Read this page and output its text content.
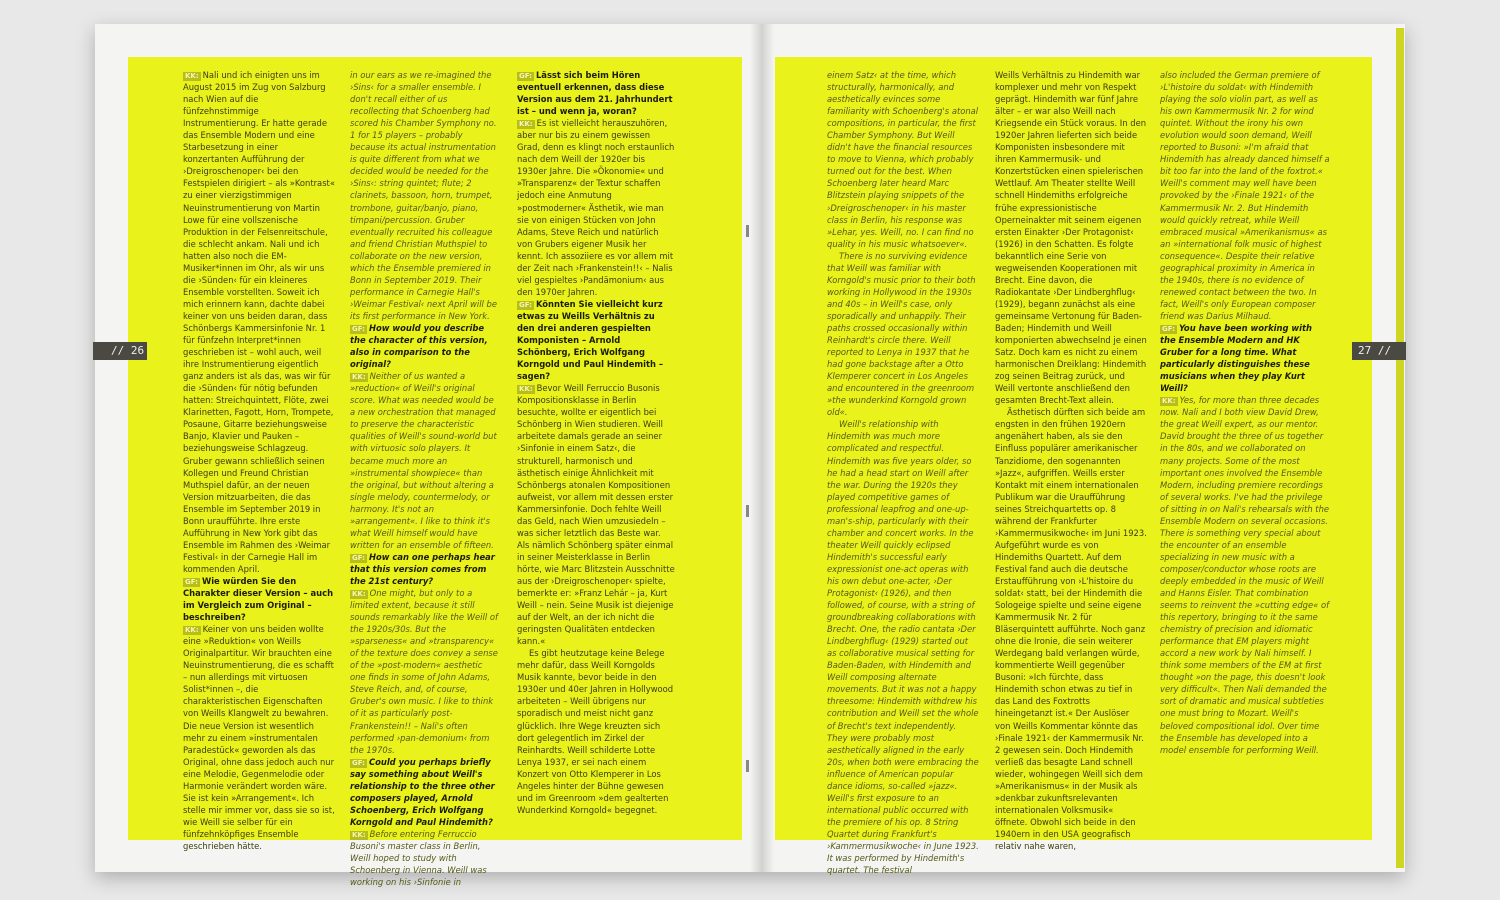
KK: Nali und ich einigten uns im August 2015 im Zug von Salzburg nach Wien auf die fünfzehnstimmige Instrumentierung. Er hatte gerade das Ensemble Modern und eine Starbesetzung in einer konzertanten Aufführung der ›Dreigroschenoper‹ bei den Festspielen dirigiert – als »Kontrast« zu einer vierzigstimmigen Neuinstrumentierung von Martin Lowe für eine vollszenische Produktion in der Felsenreitschule, die schlecht ankam. Nali und ich hatten also noch die EM-Musiker*innen im Ohr, als wir uns die ›Sünden‹ für ein kleineres Ensemble vorstellten. Soweit ich mich erinnern kann, dachte dabei keiner von uns beiden daran, dass Schönbergs Kammersinfonie Nr. 1 für fünfzehn Interpret*innen geschrieben ist – wohl auch, weil ihre Instrumentierung eigentlich ganz anders ist als das, was wir für die ›Sünden‹ für nötig befunden hatten: Streichquintett, Flöte, zwei Klarinetten, Fagott, Horn, Trompete, Posaune, Gitarre beziehungsweise Banjo, Klavier und Pauken – beziehungsweise Schlagzeug. Gruber gewann schließlich seinen Kollegen und Freund Christian Muthspiel dafür, an der neuen Version mitzuarbeiten, die das Ensemble im September 2019 in Bonn uraufführte. Ihre erste Aufführung in New York gibt das Ensemble im Rahmen des ›Weimar Festival‹ in der Carnegie Hall im kommenden April.

GF: Wie würden Sie den Charakter dieser Version – auch im Vergleich zum Original – beschreiben?

KK: Keiner von uns beiden wollte eine »Reduktion« von Weills Originalpartitur. Wir brauchten eine Neuinstrumentierung, die es schafft – nun allerdings mit virtuosen Solist*innen –, die charakteristischen Eigenschaften von Weills Klangwelt zu bewahren. Die neue Version ist wesentlich mehr zu einem »instrumentalen Paradestück« geworden als das Original, ohne dass jedoch auch nur eine Melodie, Gegenmelodie oder Harmonie verändert worden wäre. Sie ist kein »Arrangement«. Ich stelle mir immer vor, dass sie so ist, wie Weill sie selber für ein fünfzehnköpfiges Ensemble geschrieben hätte.

in our ears as we re-imagined the ›Sins‹ for a smaller ensemble. I don't recall either of us recollecting that Schoenberg had scored his Chamber Symphony no. 1 for 15 players – probably because its actual instrumentation is quite different from what we decided would be needed for the ›Sins‹: string quintet; flute; 2 clarinets, bassoon, horn, trumpet, trombone, guitar/banjo, piano, timpani/percussion. Gruber eventually recruited his colleague and friend Christian Muthspiel to collaborate on the new version, which the Ensemble premiered in Bonn in September 2019. Their performance in Carnegie Hall's ›Weimar Festival‹ next April will be its first performance in New York.

GF: How would you describe the character of this version, also in comparison to the original?

KK: Neither of us wanted a »reduction« of Weill's original score. What was needed would be a new orchestration that managed to preserve the characteristic qualities of Weill's sound-world but with virtuosic solo players. It became much more an »instrumental showpiece« than the original, but without altering a single melody, countermelody, or harmony. It's not an »arrangement«. I like to think it's what Weill himself would have written for an ensemble of fifteen.

GF: How can one perhaps hear that this version comes from the 21st century?

KK: One might, but only to a limited extent, because it still sounds remarkably like the Weill of the 1920s/30s. But the »sparseness« and »transparency« of the texture does convey a sense of the »post-modern« aesthetic one finds in some of John Adams, Steve Reich, and, of course, Gruber's own music. I like to think of it as particularly post-Frankenstein!! – Nali's often performed ›pan-demonium‹ from the 1970s.

GF: Could you perhaps briefly say something about Weill's relationship to the three other composers played, Arnold Schoenberg, Erich Wolfgang Korngold and Paul Hindemith?

KK: Before entering Ferruccio Busoni's master class in Berlin, Weill hoped to study with Schoenberg in Vienna. Weill was working on his ›Sinfonie in

GF: Lässt sich beim Hören eventuell erkennen, dass diese Version aus dem 21. Jahrhundert ist – und wenn ja, woran?

KK: Es ist vielleicht herauszuhören, aber nur bis zu einem gewissen Grad, denn es klingt noch erstaunlich nach dem Weill der 1920er bis 1930er Jahre. Die »Ökonomie« und »Transparenz« der Textur schaffen jedoch eine Anmutung »postmoderner« Ästhetik, wie man sie von einigen Stücken von John Adams, Steve Reich und natürlich von Grubers eigener Musik her kennt. Ich assoziiere es vor allem mit der Zeit nach ›Frankenstein!!‹ – Nalis viel gespieltes ›Pandämonium‹ aus den 1970er Jahren.

GF: Könnten Sie vielleicht kurz etwas zu Weills Verhältnis zu den drei anderen gespielten Komponisten – Arnold Schönberg, Erich Wolfgang Korngold und Paul Hindemith – sagen?

KK: Bevor Weill Ferruccio Busonis Kompositionsklasse in Berlin besuchte, wollte er eigentlich bei Schönberg in Wien studieren. Weill arbeitete damals gerade an seiner ›Sinfonie in einem Satz‹, die strukturell, harmonisch und ästhetisch einige Ähnlichkeit mit Schönbergs atonalen Kompositionen aufweist, vor allem mit dessen erster Kammersinfonie. Doch fehlte Weill das Geld, nach Wien umzusiedeln – was sicher letztlich das Beste war. Als nämlich Schönberg später einmal in seiner Meisterklasse in Berlin hörte, wie Marc Blitzstein Ausschnitte aus der ›Dreigroschenoper‹ spielte, bemerkte er: »Franz Lehár – ja, Kurt Weill – nein. Seine Musik ist diejenige auf der Welt, an der ich nicht die geringsten Qualitäten entdecken kann.«

Es gibt heutzutage keine Belege mehr dafür, dass Weill Korngolds Musik kannte, bevor beide in den 1930er und 40er Jahren in Hollywood arbeiteten – Weill übrigens nur sporadisch und meist nicht ganz glücklich. Ihre Wege kreuzten sich dort gelegentlich im Zirkel der Reinhardts. Weill schilderte Lotte Lenya 1937, er sei nach einem Konzert von Otto Klemperer in Los Angeles hinter der Bühne gewesen und im Greenroom »dem gealterten Wunderkind Korngold« begegnet.

einem Satz‹ at the time, which structurally, harmonically, and aesthetically evinces some familiarity with Schoenberg's atonal compositions, in particular, the first Chamber Symphony. But Weill didn't have the financial resources to move to Vienna, which probably turned out for the best. When Schoenberg later heard Marc Blitzstein playing snippets of the ›Dreigroschenoper‹ in his master class in Berlin, his response was »Lehar, yes. Weill, no. I can find no quality in his music whatsoever«.

There is no surviving evidence that Weill was familiar with Korngold's music prior to their both working in Hollywood in the 1930s and 40s – in Weill's case, only sporadically and unhappily. Their paths crossed occasionally within Reinhardt's circle there. Weill reported to Lenya in 1937 that he had gone backstage after a Otto Klemperer concert in Los Angeles and encountered in the greenroom »the wunderkind Korngold grown old«.

Weill's relationship with Hindemith was much more complicated and respectful. Hindemith was five years older, so he had a head start on Weill after the war. During the 1920s they played competitive games of professional leapfrog and one-up-man's-ship, particularly with their chamber and concert works. In the theater Weill quickly eclipsed Hindemith's successful early expressionist one-act operas with his own debut one-acter, ›Der Protagonist‹ (1926), and then followed, of course, with a string of groundbreaking collaborations with Brecht. One, the radio cantata ›Der Lindberghflug‹ (1929) started out as collaborative musical setting for Baden-Baden, with Hindemith and Weill composing alternate movements. But it was not a happy threesome: Hindemith withdrew his contribution and Weill set the whole of Brecht's text independently. They were probably most aesthetically aligned in the early 20s, when both were embracing the influence of American popular dance idioms, so-called »jazz«. Weill's first exposure to an international public occurred with the premiere of his op. 8 String Quartet during Frankfurt's ›Kammermusikwoche‹ in June 1923. It was performed by Hindemith's quartet. The festival

Weills Verhältnis zu Hindemith war komplexer und mehr von Respekt geprägt. Hindemith war fünf Jahre älter – er war also Weill nach Kriegsende ein Stück voraus. In den 1920er Jahren lieferten sich beide Komponisten insbesondere mit ihren Kammermusik- und Konzertstücken einen spielerischen Wettlauf. Am Theater stellte Weill schnell Hindemiths erfolgreiche frühe expressionistische Operneinakter mit seinem eigenen ersten Einakter ›Der Protagonist‹ (1926) in den Schatten. Es folgte bekanntlich eine Serie von wegweisenden Kooperationen mit Brecht. Eine davon, die Radiokantate ›Der Lindberghflug‹ (1929), begann zunächst als eine gemeinsame Vertonung für Baden-Baden; Hindemith und Weill komponierten abwechselnd je einen Satz. Doch kam es nicht zu einem harmonischen Dreiklang: Hindemith zog seinen Beitrag zurück, und Weill vertonte anschließend den gesamten Brecht-Text allein.

Ästhetisch dürften sich beide am engsten in den frühen 1920ern angenähert haben, als sie den Einfluss populärer amerikanischer Tanzidiome, den sogenannten »Jazz«, aufgriffen. Weills erster Kontakt mit einem internationalen Publikum war die Uraufführung seines Streichquartetts op. 8 während der Frankfurter ›Kammermusikwoche‹ im Juni 1923. Aufgeführt wurde es von Hindemiths Quartett. Auf dem Festival fand auch die deutsche Erstaufführung von ›L'histoire du soldat‹ statt, bei der Hindemith die Sologeige spielte und seine eigene Kammermusik Nr. 2 für Bläserquintett aufführte. Noch ganz ohne die Ironie, die sein weiterer Werdegang bald verlangen würde, kommentierte Weill gegenüber Busoni: »Ich fürchte, dass Hindemith schon etwas zu tief in das Land des Foxtrotts hineingetanzt ist.« Der Auslöser von Weills Kommentar könnte das ›Finale 1921‹ der Kammermusik Nr. 2 gewesen sein. Doch Hindemith verließ das besagte Land schnell wieder, wohingegen Weill sich dem »Amerikanismus« in der Musik als »denkbar zukunftsrelevanten internationalen Volksmusik« öffnete. Obwohl sich beide in den 1940ern in den USA geografisch relativ nahe waren,

also included the German premiere of ›L'histoire du soldat‹ with Hindemith playing the solo violin part, as well as his own Kammermusik Nr. 2 for wind quintet. Without the irony his own evolution would soon demand, Weill reported to Busoni: »I'm afraid that Hindemith has already danced himself a bit too far into the land of the foxtrot.« Weill's comment may well have been provoked by the ›Finale 1921‹ of the Kammermusik Nr. 2. But Hindemith would quickly retreat, while Weill embraced musical »Amerikanismus« as an »international folk music of highest consequence«. Despite their relative geographical proximity in America in the 1940s, there is no evidence of renewed contact between the two. In fact, Weill's only European composer friend was Darius Milhaud.

GF: You have been working with the Ensemble Modern and HK Gruber for a long time. What particularly distinguishes these musicians when they play Kurt Weill?

KK: Yes, for more than three decades now. Nali and I both view David Drew, the great Weill expert, as our mentor. David brought the three of us together in the 80s, and we collaborated on many projects. Some of the most important ones involved the Ensemble Modern, including premiere recordings of several works. I've had the privilege of sitting in on Nali's rehearsals with the Ensemble Modern on several occasions. There is something very special about the encounter of an ensemble specializing in new music with a composer/conductor whose roots are deeply embedded in the music of Weill and Hanns Eisler. That combination seems to reinvent the »cutting edge« of this repertory, bringing to it the same chemistry of precision and idiomatic performance that EM players might accord a new work by Nali himself. I think some members of the EM at first thought »on the page, this doesn't look very difficult«. Then Nali demanded the sort of dramatic and musical subtleties one must bring to Mozart. Weill's beloved compositional idol. Over time the Ensemble has developed into a model ensemble for performing Weill.

// 26	27 //
